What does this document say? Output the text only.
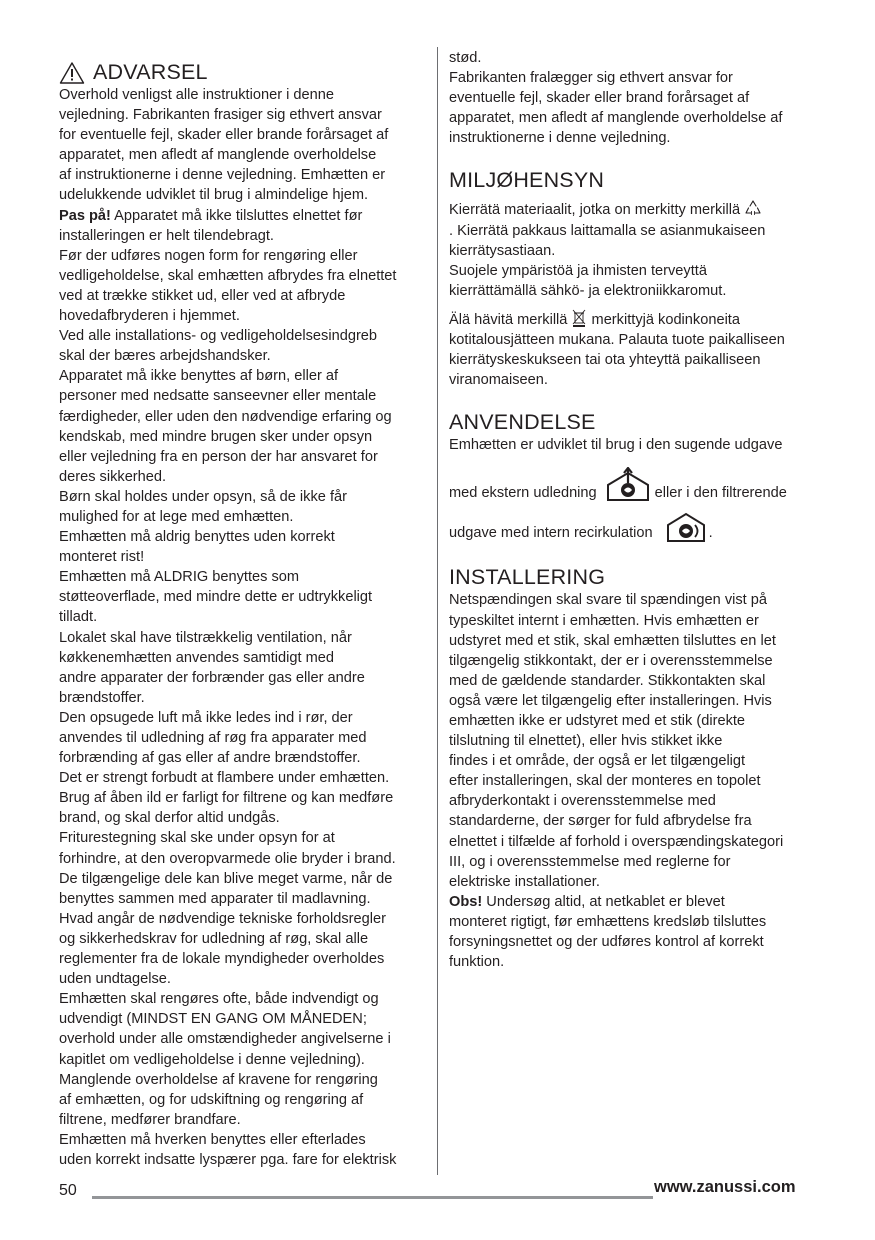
ADVARSEL

Overhold venligst alle instruktioner i denne

vejledning. Fabrikanten frasiger sig ethvert ansvar

for eventuelle fejl, skader eller brande forårsaget af

apparatet, men afledt af manglende overholdelse

af instruktionerne i denne vejledning. Emhætten er

udelukkende udviklet til brug i almindelige hjem.

Pas på! Apparatet må ikke tilsluttes elnettet før

installeringen er helt tilendebragt.

Før der udføres nogen form for rengøring eller

vedligeholdelse, skal emhætten afbrydes fra elnettet

ved at trække stikket ud, eller ved at afbryde

hovedafbryderen i hjemmet.

Ved alle installations- og vedligeholdelsesindgreb

skal der bæres arbejdshandsker.

Apparatet må ikke benyttes af børn, eller af

personer med nedsatte sanseevner eller mentale

færdigheder, eller uden den nødvendige erfaring og

kendskab, med mindre brugen sker under opsyn

eller vejledning fra en person der har ansvaret for

deres sikkerhed.

Børn skal holdes under opsyn, så de ikke får

mulighed for at lege med emhætten.

Emhætten må aldrig benyttes uden korrekt

monteret rist!

Emhætten må ALDRIG benyttes som

støtteoverflade, med mindre dette er udtrykkeligt

tilladt.

Lokalet skal have tilstrækkelig ventilation, når

køkkenemhætten anvendes samtidigt med

andre apparater der forbrænder gas eller andre

brændstoffer.

Den opsugede luft må ikke ledes ind i rør, der

anvendes til udledning af røg fra apparater med

forbrænding af gas eller af andre brændstoffer.

Det er strengt forbudt at flambere under emhætten.

Brug af åben ild er farligt for filtrene og kan medføre

brand, og skal derfor altid undgås.

Friturestegning skal ske under opsyn for at

forhindre, at den overopvarmede olie bryder i brand.

De tilgængelige dele kan blive meget varme, når de

benyttes sammen med apparater til madlavning.

Hvad angår de nødvendige tekniske forholdsregler

og sikkerhedskrav for udledning af røg, skal alle

reglementer fra de lokale myndigheder overholdes

uden undtagelse.

Emhætten skal rengøres ofte, både indvendigt og

udvendigt (MINDST EN GANG OM MÅNEDEN;

overhold under alle omstændigheder angivelserne i

kapitlet om vedligeholdelse i denne vejledning).

Manglende overholdelse af kravene for rengøring

af emhætten, og for udskiftning og rengøring af

filtrene, medfører brandfare.

Emhætten må hverken benyttes eller efterlades

uden korrekt indsatte lyspærer pga. fare for elektrisk

stød.

Fabrikanten fralægger sig ethvert ansvar for

eventuelle fejl, skader eller brand forårsaget af

apparatet, men afledt af manglende overholdelse af

instruktionerne i denne vejledning.

MILJØHENSYN

Kierrätä materiaalit, jotka on merkitty merkillä

. Kierrätä pakkaus laittamalla se asianmukaiseen

kierrätysastiaan.

Suojele ympäristöä ja ihmisten terveyttä

kierrättämällä sähkö- ja elektroniikkaromut.

Älä hävitä merkillä  merkittyjä kodinkoneita

kotitalousjätteen mukana. Palauta tuote paikalliseen

kierrätyskeskukseen tai ota yhteyttä paikalliseen

viranomaiseen.

ANVENDELSE

Emhætten er udviklet til brug i den sugende udgave

med ekstern udledning	eller i den filtrerende
udgave med intern recirkulation	.
INSTALLERING

Netspændingen skal svare til spændingen vist på

typeskiltet internt i emhætten. Hvis emhætten er

udstyret med et stik, skal emhætten tilsluttes en let

tilgængelig stikkontakt, der er i overensstemmelse

med de gældende standarder. Stikkontakten skal

også være let tilgængelig efter installeringen. Hvis

emhætten ikke er udstyret med et stik (direkte

tilslutning til elnettet), eller hvis stikket ikke

findes i et område, der også er let tilgængeligt

efter installeringen, skal der monteres en topolet

afbryderkontakt i overensstemmelse med

standarderne, der sørger for fuld afbrydelse fra

elnettet i tilfælde af forhold i overspændingskategori

III, og i overensstemmelse med reglerne for

elektriske installationer.

Obs! Undersøg altid, at netkablet er blevet

monteret rigtigt, før emhættens kredsløb tilsluttes

forsyningsnettet og der udføres kontrol af korrekt

funktion.

50	www.zanussi.com
